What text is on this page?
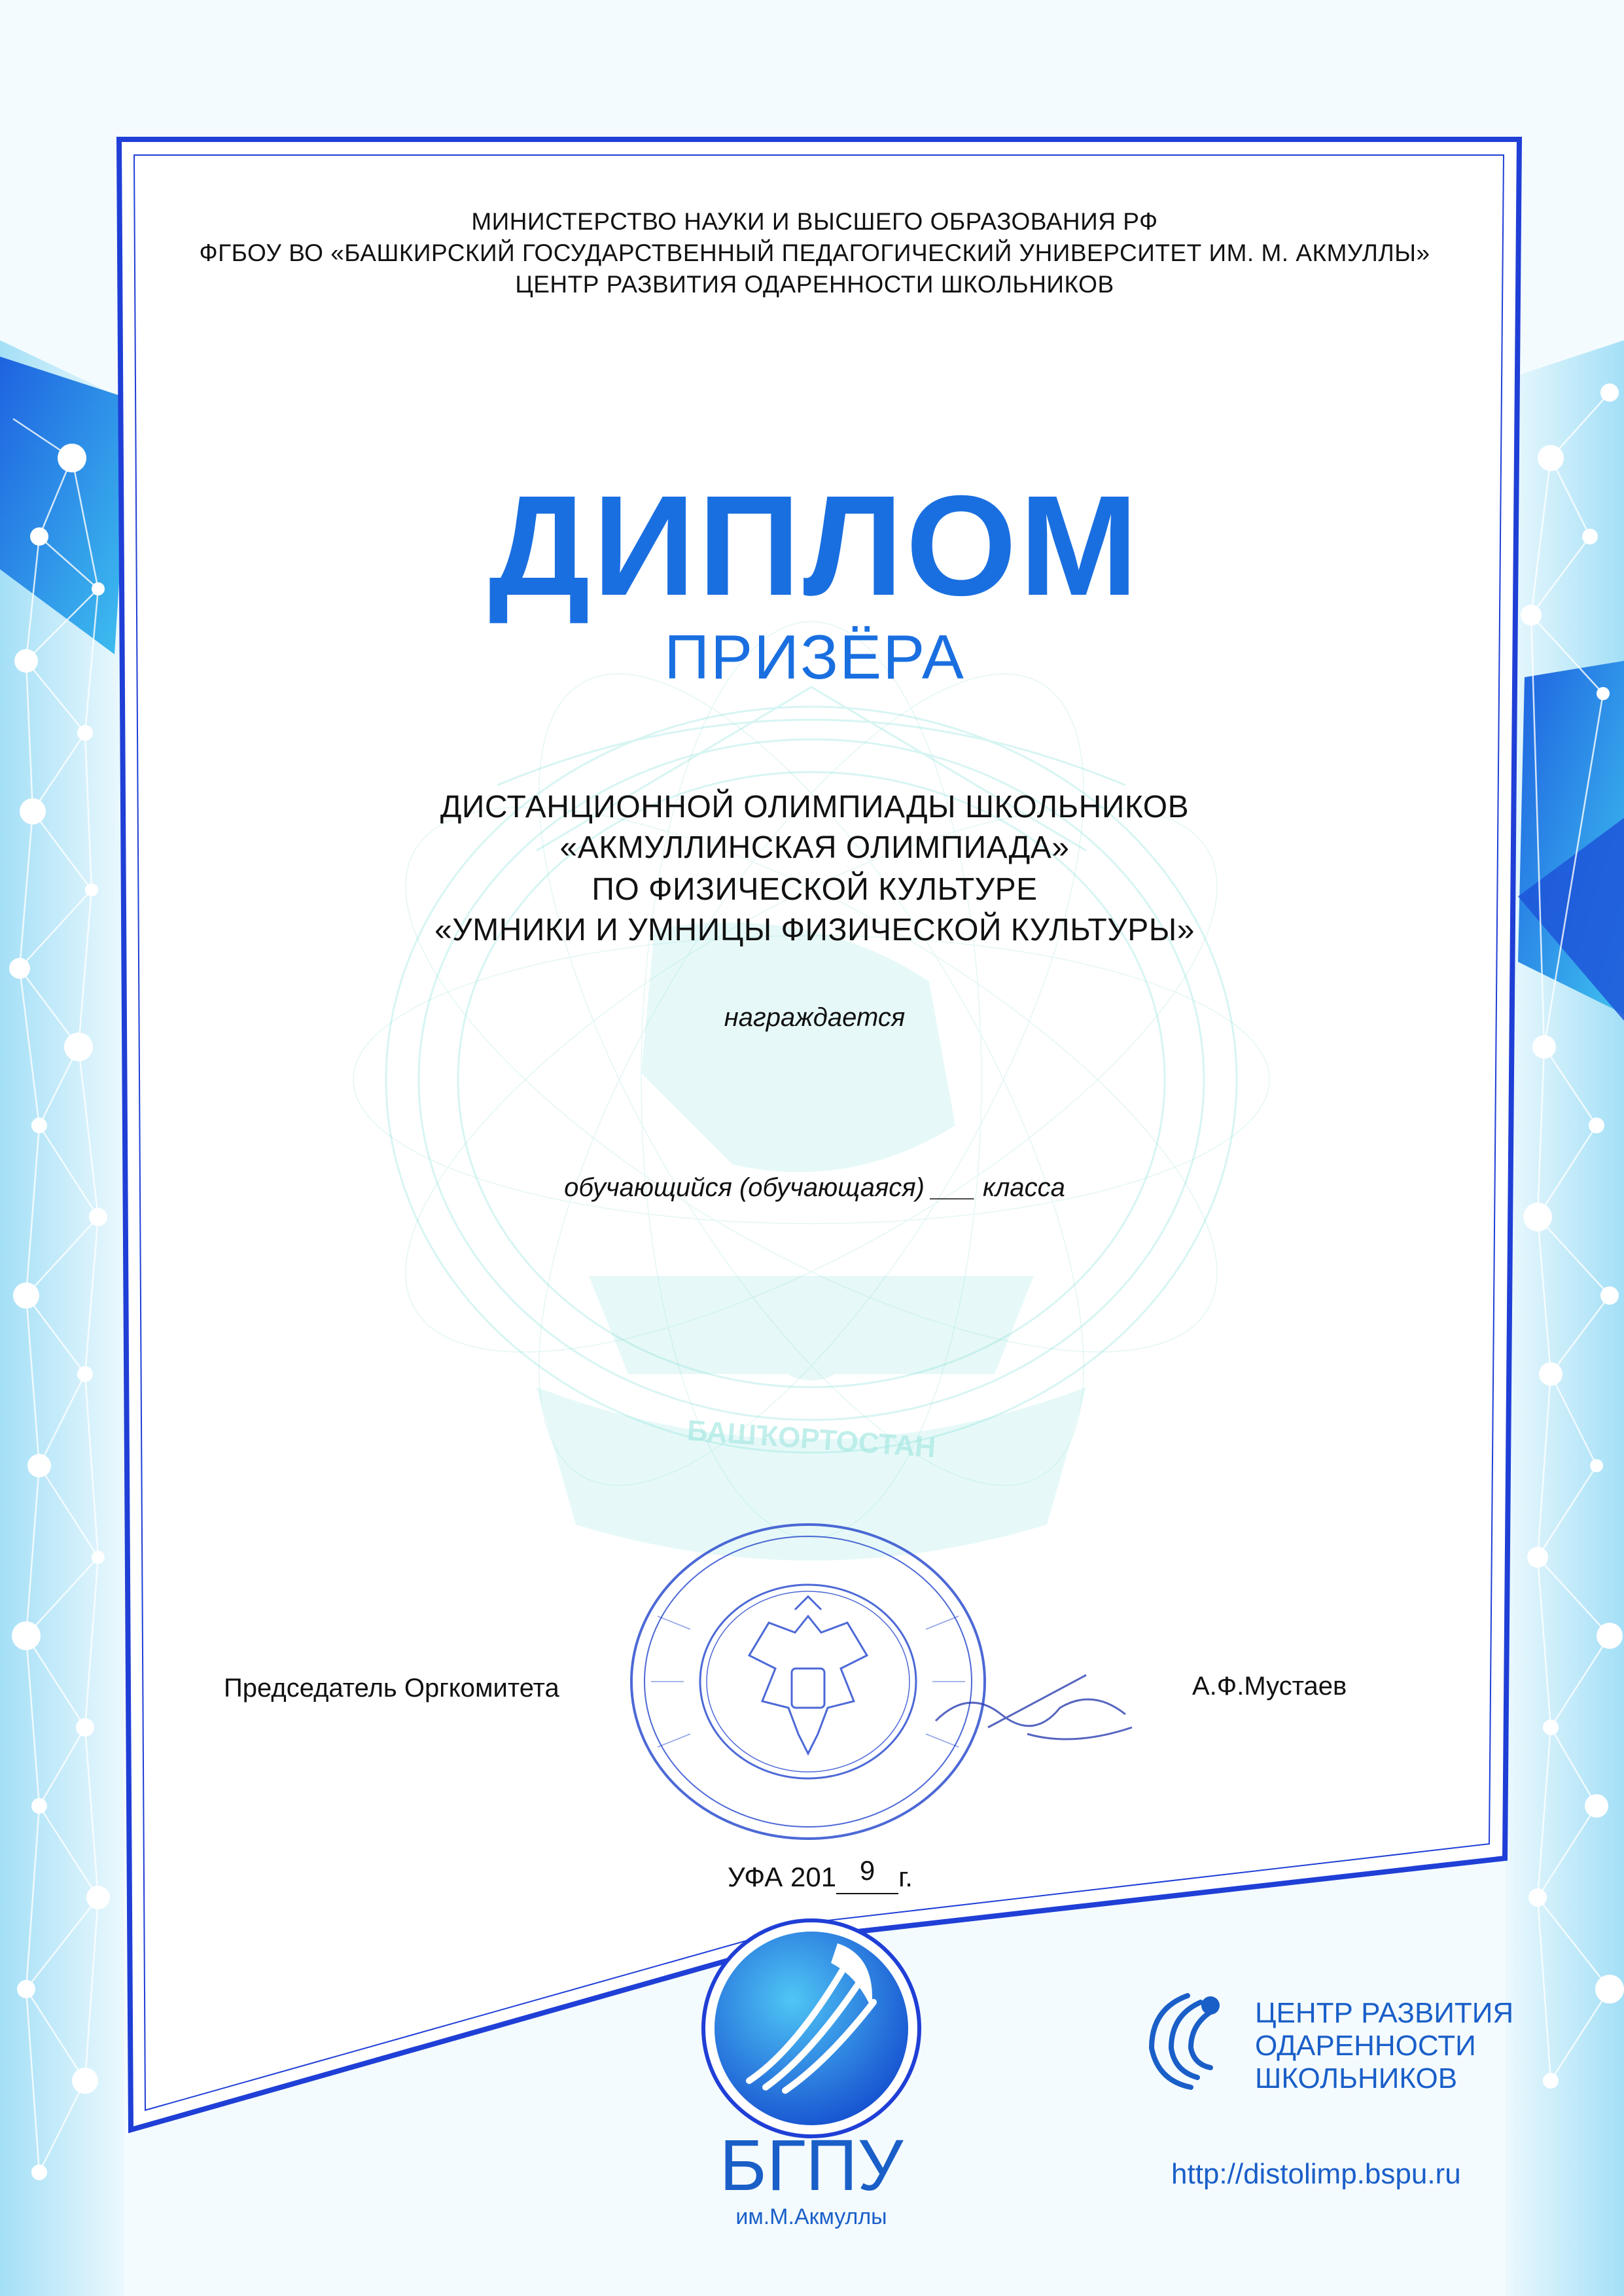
БАШҠОРТОСТАН
МИНИСТЕРСТВО НАУКИ И ВЫСШЕГО ОБРАЗОВАНИЯ РФ
ФГБОУ ВО «БАШКИРСКИЙ ГОСУДАРСТВЕННЫЙ ПЕДАГОГИЧЕСКИЙ УНИВЕРСИТЕТ ИМ. М. АКМУЛЛЫ»
ЦЕНТР РАЗВИТИЯ ОДАРЕННОСТИ ШКОЛЬНИКОВ
ДИПЛОМ
ПРИЗЁРА
ДИСТАНЦИОННОЙ ОЛИМПИАДЫ ШКОЛЬНИКОВ
«АКМУЛЛИНСКАЯ ОЛИМПИАДА»
ПО ФИЗИЧЕСКОЙ КУЛЬТУРЕ
«УМНИКИ И УМНИЦЫ ФИЗИЧЕСКОЙ КУЛЬТУРЫ»
награждается
обучающийся (обучающаяся) ___ класса
Председатель Оргкомитета	А.Ф.Мустаев
УФА 201 9 г.
БГПУ
им.М.Акмуллы
ЦЕНТР РАЗВИТИЯ
ОДАРЕННОСТИ
ШКОЛЬНИКОВ
http://distolimp.bspu.ru
